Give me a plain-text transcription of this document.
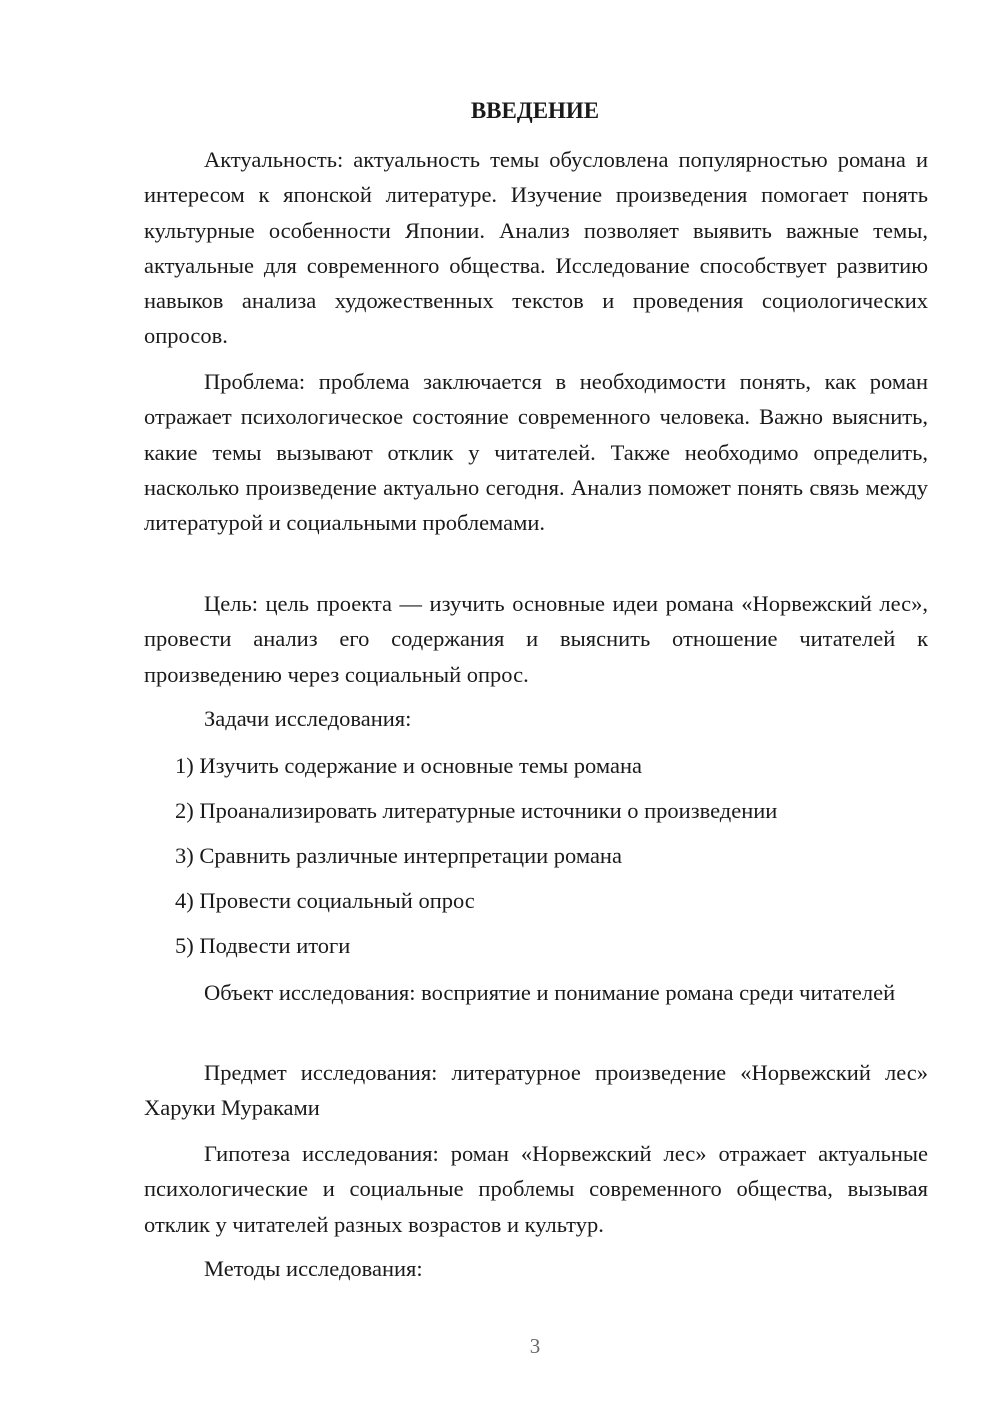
ВВЕДЕНИЕ

Актуальность: актуальность темы обусловлена популярностью романа и интересом к японской литературе. Изучение произведения помогает понять культурные особенности Японии. Анализ позволяет выявить важные темы, актуальные для современного общества. Исследование способствует развитию навыков анализа художественных текстов и проведения социологических опросов.

Проблема: проблема заключается в необходимости понять, как роман отражает психологическое состояние современного человека. Важно выяснить, какие темы вызывают отклик у читателей. Также необходимо определить, насколько произведение актуально сегодня. Анализ поможет понять связь между литературой и социальными проблемами.

Цель: цель проекта — изучить основные идеи романа «Норвежский лес», провести анализ его содержания и выяснить отношение читателей к произведению через социальный опрос.

Задачи исследования:

1) Изучить содержание и основные темы романа

2) Проанализировать литературные источники о произведении

3) Сравнить различные интерпретации романа

4) Провести социальный опрос

5) Подвести итоги

Объект исследования: восприятие и понимание романа среди читателей

Предмет исследования: литературное произведение «Норвежский лес» Харуки Мураками

Гипотеза исследования: роман «Норвежский лес» отражает актуальные психологические и социальные проблемы современного общества, вызывая отклик у читателей разных возрастов и культур.

Методы исследования:

3
